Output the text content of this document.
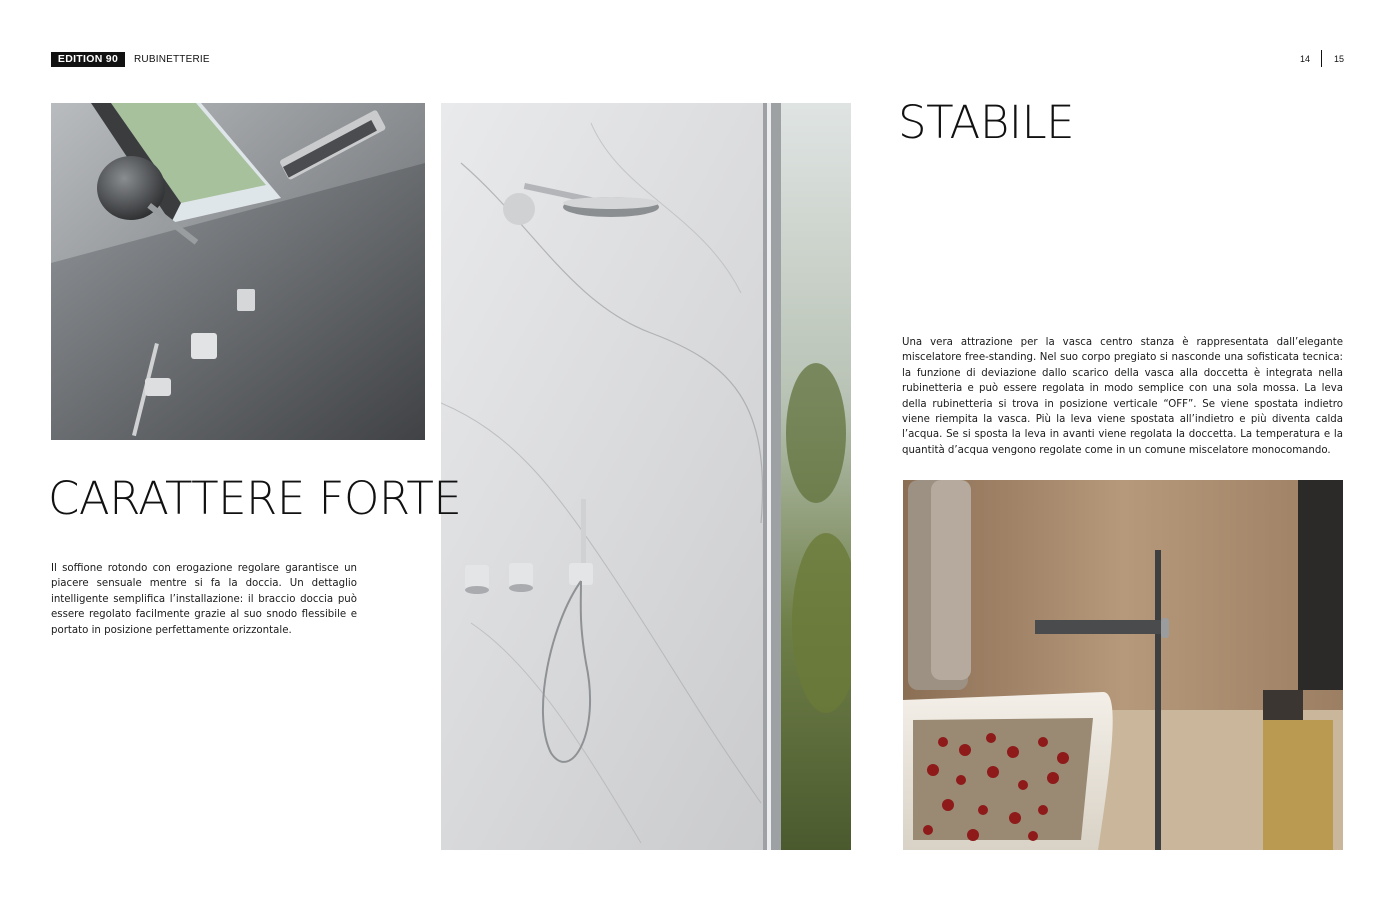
EDITION 90	RUBINETTERIE	14	15
CARATTERE FORTE
Il soffione rotondo con erogazione regolare garantisce un piacere sensuale mentre si fa la doccia. Un dettaglio intelligente semplifica l’installazione: il braccio doccia può essere regolato facilmente grazie al suo snodo flessibile e portato in posizione perfettamente orizzontale.
STABILE
Una vera attrazione per la vasca centro stanza è rappresentata dall’elegante miscelatore free-standing. Nel suo corpo pregiato si nasconde una sofisticata tecnica: la funzione di deviazione dallo scarico della vasca alla doccetta è integrata nella rubinetteria e può essere regolata in modo semplice con una sola mossa. La leva della rubinetteria si trova in posizione verticale “OFF”. Se viene spostata indietro viene riempita la vasca. Più la leva viene spostata all’indietro e più diventa calda l’acqua. Se si sposta la leva in avanti viene regolata la doccetta. La temperatura e la quantità d’acqua vengono regolate come in un comune miscelatore monocomando.
